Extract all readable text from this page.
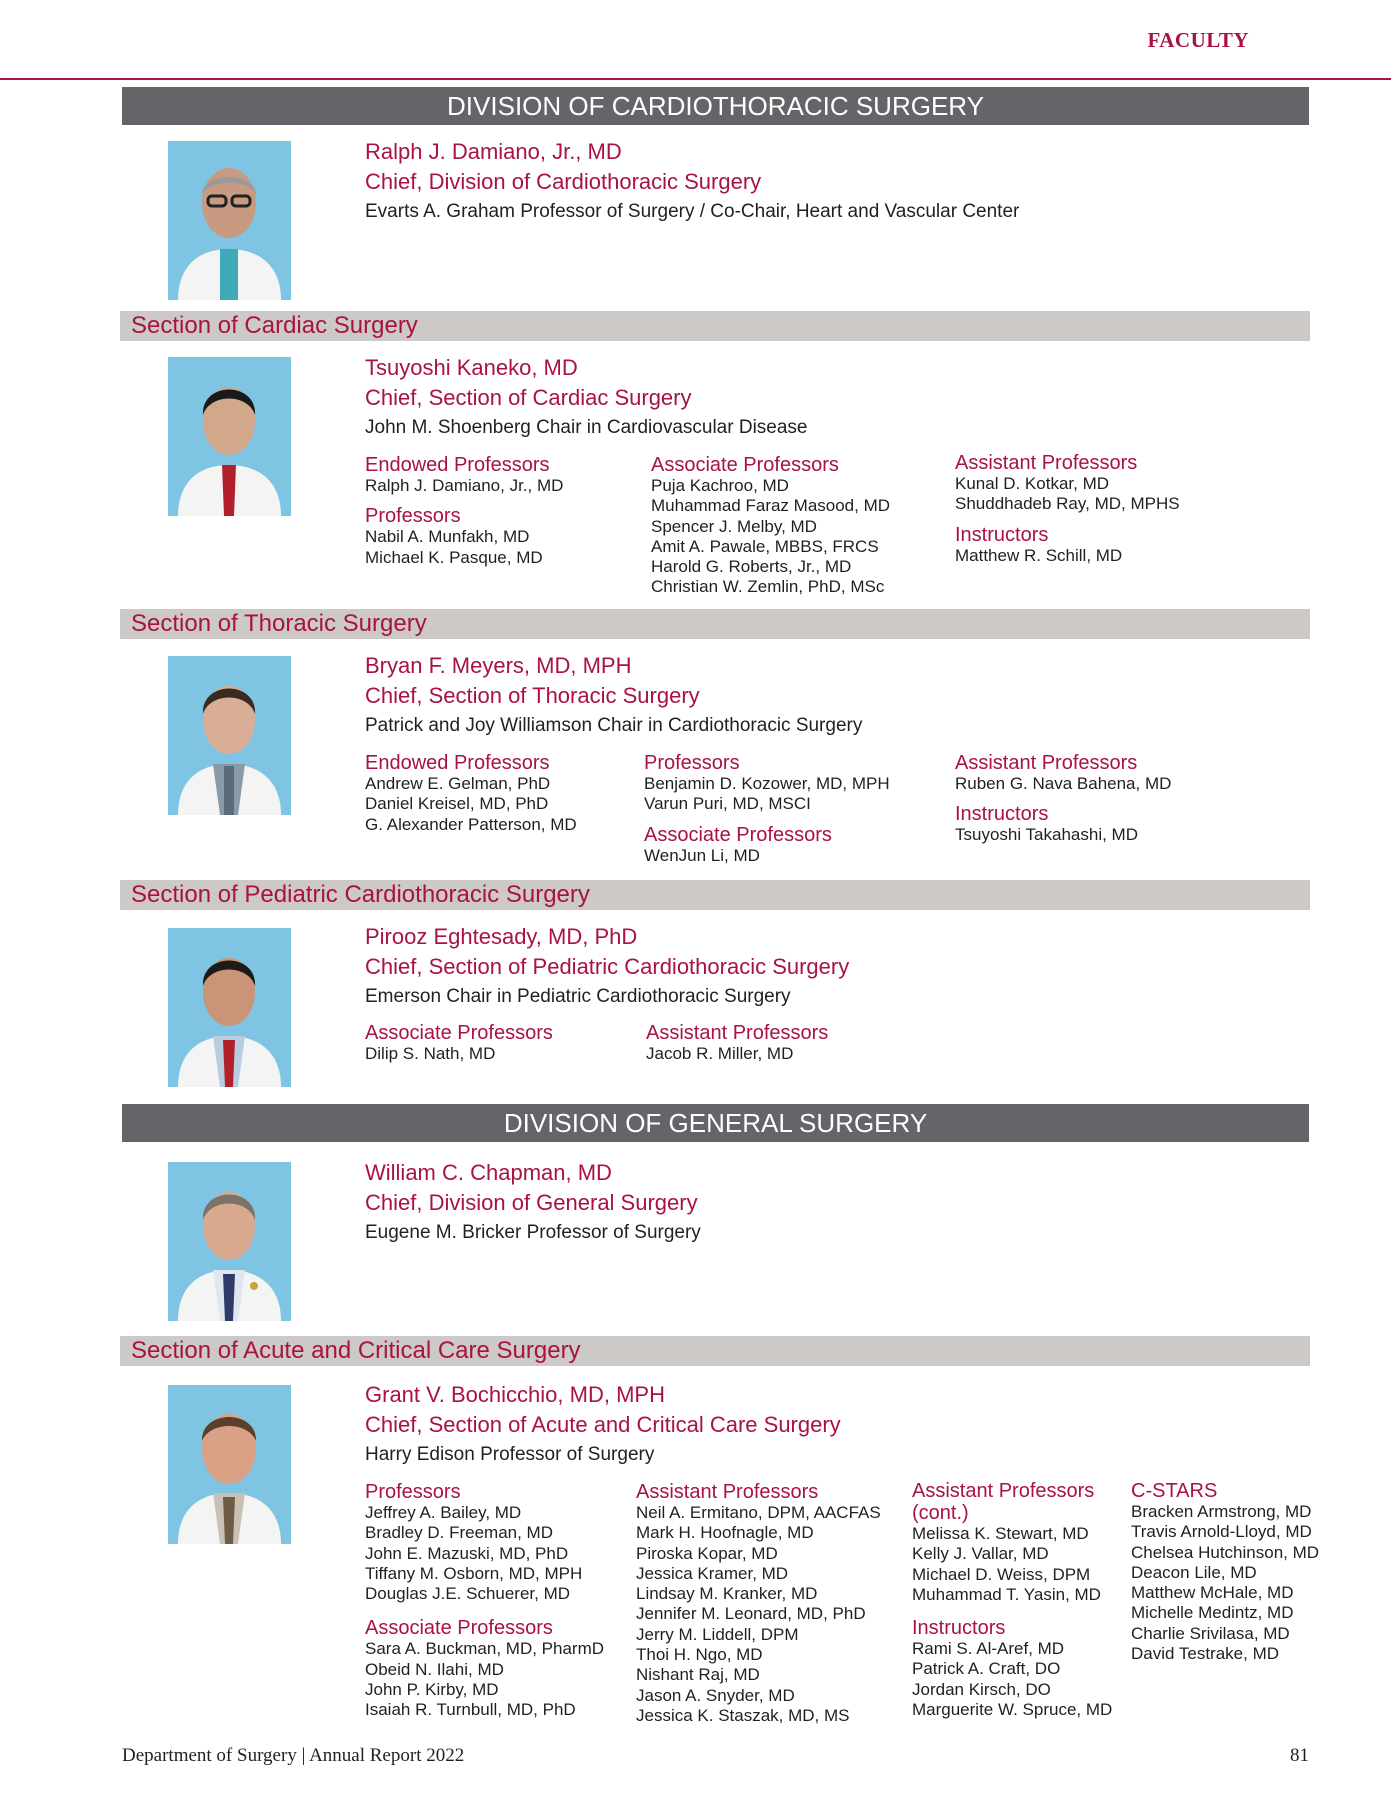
FACULTY
DIVISION OF CARDIOTHORACIC SURGERY
Ralph J. Damiano, Jr., MD
Chief, Division of Cardiothoracic Surgery
Evarts A. Graham Professor of Surgery / Co-Chair, Heart and Vascular Center
Section of Cardiac Surgery
Tsuyoshi Kaneko, MD
Chief, Section of Cardiac Surgery
John M. Shoenberg Chair in Cardiovascular Disease
Endowed Professors
Ralph J. Damiano, Jr., MD
Professors
Nabil A. Munfakh, MD
Michael K. Pasque, MD
Associate Professors
Puja Kachroo, MD
Muhammad Faraz Masood, MD
Spencer J. Melby, MD
Amit A. Pawale, MBBS, FRCS
Harold G. Roberts, Jr., MD
Christian W. Zemlin, PhD, MSc
Assistant Professors
Kunal D. Kotkar, MD
Shuddhadeb Ray, MD, MPHS
Instructors
Matthew R. Schill, MD
Section of Thoracic Surgery
Bryan F. Meyers, MD, MPH
Chief, Section of Thoracic Surgery
Patrick and Joy Williamson Chair in Cardiothoracic Surgery
Endowed Professors
Andrew E. Gelman, PhD
Daniel Kreisel, MD, PhD
G. Alexander Patterson, MD
Professors
Benjamin D. Kozower, MD, MPH
Varun Puri, MD, MSCI
Associate Professors
WenJun Li, MD
Assistant Professors
Ruben G. Nava Bahena, MD
Instructors
Tsuyoshi Takahashi, MD
Section of Pediatric Cardiothoracic Surgery
Pirooz Eghtesady, MD, PhD
Chief, Section of Pediatric Cardiothoracic Surgery
Emerson Chair in Pediatric Cardiothoracic Surgery
Associate Professors
Dilip S. Nath, MD
Assistant Professors
Jacob R. Miller, MD
DIVISION OF GENERAL SURGERY
William C. Chapman, MD
Chief, Division of General Surgery
Eugene M. Bricker Professor of Surgery
Section of Acute and Critical Care Surgery
Grant V. Bochicchio, MD, MPH
Chief, Section of Acute and Critical Care Surgery
Harry Edison Professor of Surgery
Professors
Jeffrey A. Bailey, MD
Bradley D. Freeman, MD
John E. Mazuski, MD, PhD
Tiffany M. Osborn, MD, MPH
Douglas J.E. Schuerer, MD
Associate Professors
Sara A. Buckman, MD, PharmD
Obeid N. Ilahi, MD
John P. Kirby, MD
Isaiah R. Turnbull, MD, PhD
Assistant Professors
Neil A. Ermitano, DPM, AACFAS
Mark H. Hoofnagle, MD
Piroska Kopar, MD
Jessica Kramer, MD
Lindsay M. Kranker, MD
Jennifer M. Leonard, MD, PhD
Jerry M. Liddell, DPM
Thoi H. Ngo, MD
Nishant Raj, MD
Jason A. Snyder, MD
Jessica K. Staszak, MD, MS
Assistant Professors (cont.)
Melissa K. Stewart, MD
Kelly J. Vallar, MD
Michael D. Weiss, DPM
Muhammad T. Yasin, MD
Instructors
Rami S. Al-Aref, MD
Patrick A. Craft, DO
Jordan Kirsch, DO
Marguerite W. Spruce, MD
C-STARS
Bracken Armstrong, MD
Travis Arnold-Lloyd, MD
Chelsea Hutchinson, MD
Deacon Lile, MD
Matthew McHale, MD
Michelle Medintz, MD
Charlie Srivilasa, MD
David Testrake, MD
Department of Surgery | Annual Report 2022	81
